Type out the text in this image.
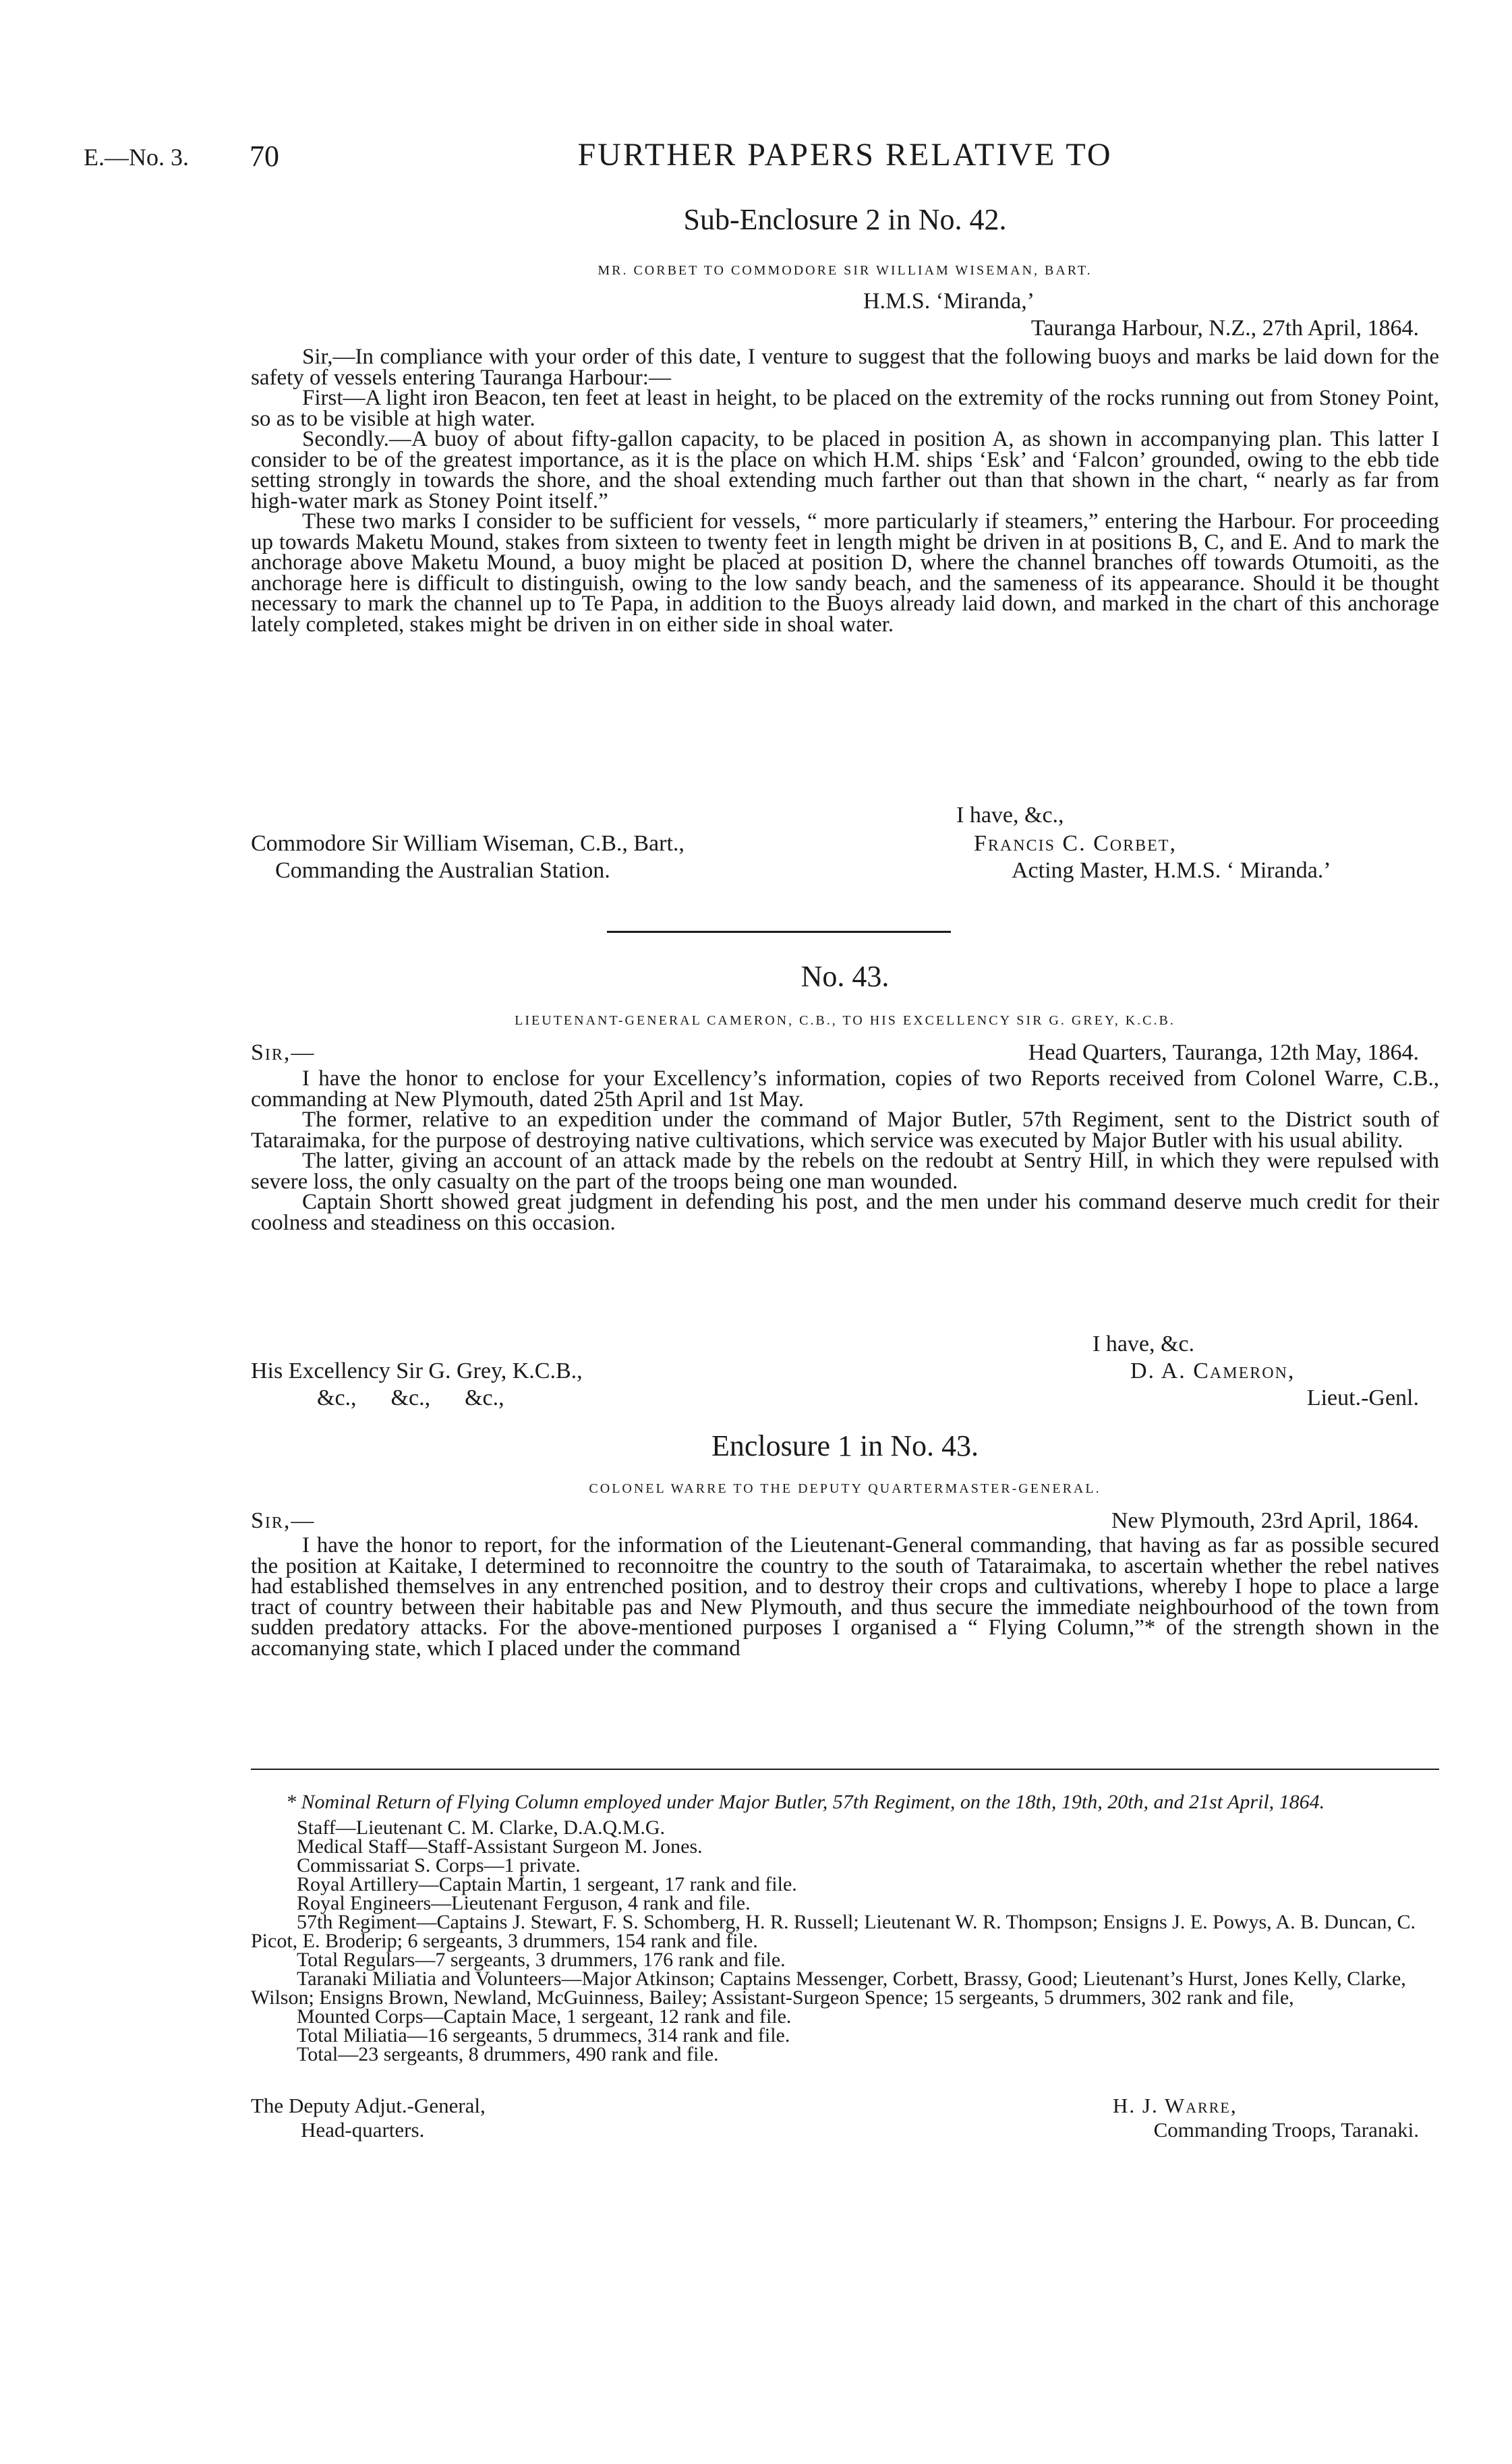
E.—No. 3. 70	FURTHER PAPERS RELATIVE TO
Sub-Enclosure 2 in No. 42.
MR. CORBET TO COMMODORE SIR WILLIAM WISEMAN, BART.
H.M.S. ‘Miranda,’
Tauranga Harbour, N.Z., 27th April, 1864.

Sir,—In compliance with your order of this date, I venture to suggest that the following buoys and marks be laid down for the safety of vessels entering Tauranga Harbour:—

First—A light iron Beacon, ten feet at least in height, to be placed on the extremity of the rocks running out from Stoney Point, so as to be visible at high water.

Secondly.—A buoy of about fifty-gallon capacity, to be placed in position A, as shown in accompanying plan. This latter I consider to be of the greatest importance, as it is the place on which H.M. ships ‘Esk’ and ‘Falcon’ grounded, owing to the ebb tide setting strongly in towards the shore, and the shoal extending much farther out than that shown in the chart, “ nearly as far from high-water mark as Stoney Point itself.”

These two marks I consider to be sufficient for vessels, “ more particularly if steamers,” entering the Harbour. For proceeding up towards Maketu Mound, stakes from sixteen to twenty feet in length might be driven in at positions B, C, and E. And to mark the anchorage above Maketu Mound, a buoy might be placed at position D, where the channel branches off towards Otumoiti, as the anchorage here is difficult to distinguish, owing to the low sandy beach, and the sameness of its appearance. Should it be thought necessary to mark the channel up to Te Papa, in addition to the Buoys already laid down, and marked in the chart of this anchorage lately completed, stakes might be driven in on either side in shoal water.

I have, &c.,
Commodore Sir William Wiseman, C.B., Bart.,	Francis C. Corbet,
Commanding the Australian Station.	Acting Master, H.M.S. ‘ Miranda.’
No. 43.
LIEUTENANT-GENERAL CAMERON, C.B., TO HIS EXCELLENCY SIR G. GREY, K.C.B.
Sir,—	Head Quarters, Tauranga, 12th May, 1864.

I have the honor to enclose for your Excellency’s information, copies of two Reports received from Colonel Warre, C.B., commanding at New Plymouth, dated 25th April and 1st May.

The former, relative to an expedition under the command of Major Butler, 57th Regiment, sent to the District south of Tataraimaka, for the purpose of destroying native cultivations, which service was executed by Major Butler with his usual ability.

The latter, giving an account of an attack made by the rebels on the redoubt at Sentry Hill, in which they were repulsed with severe loss, the only casualty on the part of the troops being one man wounded.

Captain Shortt showed great judgment in defending his post, and the men under his command deserve much credit for their coolness and steadiness on this occasion.

I have, &c.
His Excellency Sir G. Grey, K.C.B.,	D. A. Cameron,
&c.,      &c.,      &c.,	Lieut.-Genl.
Enclosure 1 in No. 43.
COLONEL WARRE TO THE DEPUTY QUARTERMASTER-GENERAL.
Sir,—	New Plymouth, 23rd April, 1864.

I have the honor to report, for the information of the Lieutenant-General commanding, that having as far as possible secured the position at Kaitake, I determined to reconnoitre the country to the south of Tataraimaka, to ascertain whether the rebel natives had established themselves in any entrenched position, and to destroy their crops and cultivations, whereby I hope to place a large tract of country between their habitable pas and New Plymouth, and thus secure the immediate neighbourhood of the town from sudden predatory attacks. For the above-mentioned purposes I organised a “ Flying Column,”* of the strength shown in the accomanying state, which I placed under the command

* Nominal Return of Flying Column employed under Major Butler, 57th Regiment, on the 18th, 19th, 20th, and 21st April, 1864.

Staff—Lieutenant C. M. Clarke, D.A.Q.M.G.

Medical Staff—Staff-Assistant Surgeon M. Jones.

Commissariat S. Corps—1 private.

Royal Artillery—Captain Martin, 1 sergeant, 17 rank and file.

Royal Engineers—Lieutenant Ferguson, 4 rank and file.

57th Regiment—Captains J. Stewart, F. S. Schomberg, H. R. Russell; Lieutenant W. R. Thompson; Ensigns J. E. Powys, A. B. Duncan, C. Picot, E. Broderip; 6 sergeants, 3 drummers, 154 rank and file.

Total Regulars—7 sergeants, 3 drummers, 176 rank and file.

Taranaki Miliatia and Volunteers—Major Atkinson; Captains Messenger, Corbett, Brassy, Good; Lieutenant’s Hurst, Jones Kelly, Clarke, Wilson; Ensigns Brown, Newland, McGuinness, Bailey; Assistant-Surgeon Spence; 15 sergeants, 5 drummers, 302 rank and file,

Mounted Corps—Captain Mace, 1 sergeant, 12 rank and file.

Total Miliatia—16 sergeants, 5 drummecs, 314 rank and file.

Total—23 sergeants, 8 drummers, 490 rank and file.

The Deputy Adjut.-General,
Head-quarters.
H. J. Warre,
Commanding Troops, Taranaki.
